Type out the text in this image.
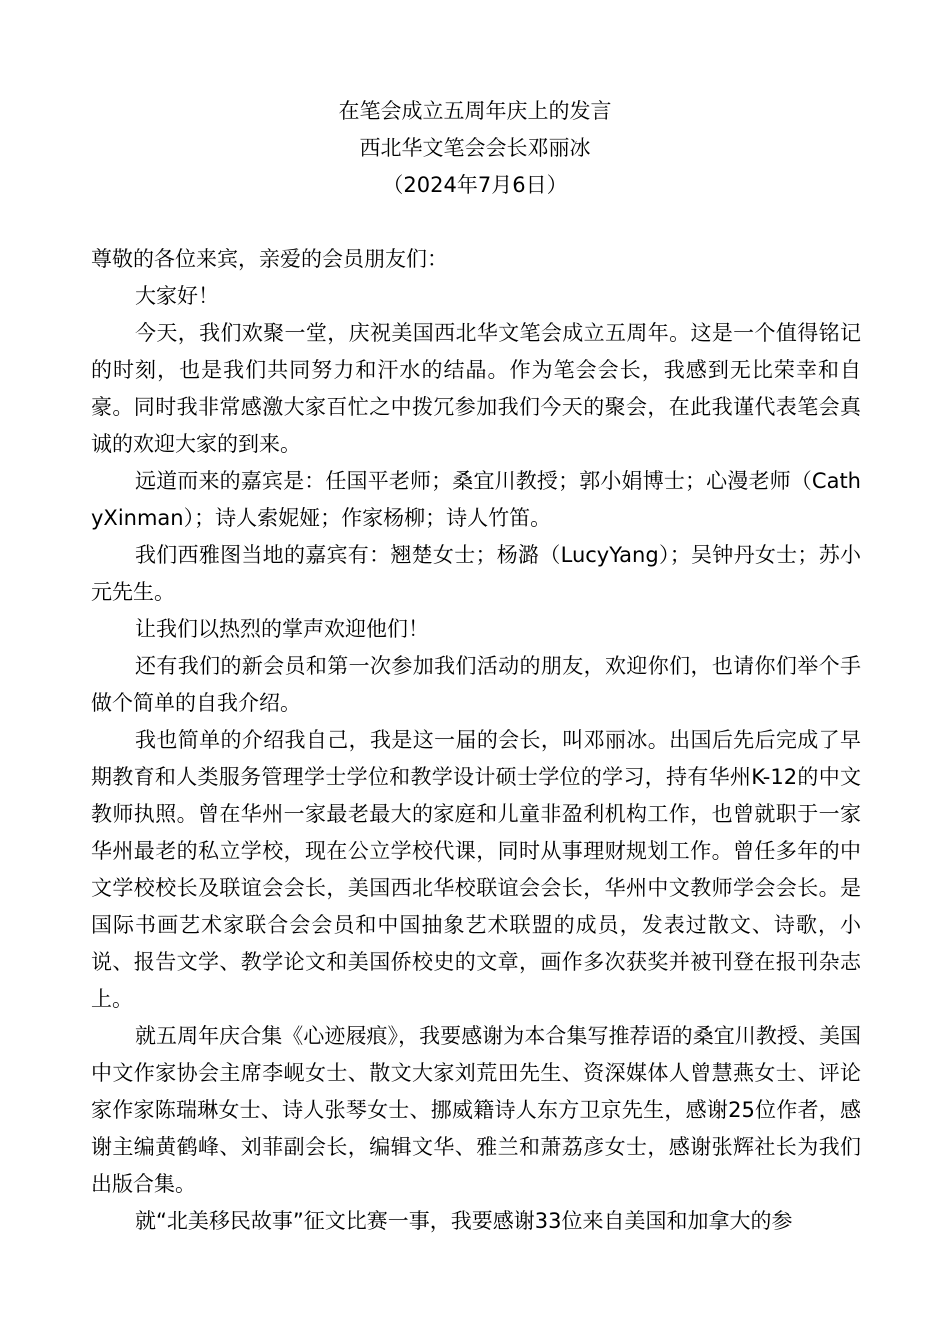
在笔会成立五周年庆上的发言
西北华文笔会会长邓丽冰
（2024年7月6日）

尊敬的各位来宾，亲爱的会员朋友们：

大家好！

今天，我们欢聚一堂，庆祝美国西北华文笔会成立五周年。这是一个值得铭记的时刻，也是我们共同努力和汗水的结晶。作为笔会会长，我感到无比荣幸和自豪。同时我非常感激大家百忙之中拨冗参加我们今天的聚会，在此我谨代表笔会真诚的欢迎大家的到来。

远道而来的嘉宾是：任国平老师；桑宜川教授；郭小娟博士；心漫老师（CathyXinman）；诗人索妮娅；作家杨柳；诗人竹笛。

我们西雅图当地的嘉宾有：翘楚女士；杨潞（LucyYang）；吴钟丹女士；苏小元先生。

让我们以热烈的掌声欢迎他们！

还有我们的新会员和第一次参加我们活动的朋友，欢迎你们，也请你们举个手做个简单的自我介绍。

我也简单的介绍我自己，我是这一届的会长，叫邓丽冰。出国后先后完成了早期教育和人类服务管理学士学位和教学设计硕士学位的学习，持有华州K-12的中文教师执照。曾在华州一家最老最大的家庭和儿童非盈利机构工作，也曾就职于一家华州最老的私立学校，现在公立学校代课，同时从事理财规划工作。曾任多年的中文学校校长及联谊会会长，美国西北华校联谊会会长，华州中文教师学会会长。是国际书画艺术家联合会会员和中国抽象艺术联盟的成员，发表过散文、诗歌，小说、报告文学、教学论文和美国侨校史的文章，画作多次获奖并被刊登在报刊杂志上。

就五周年庆合集《心迹屐痕》，我要感谢为本合集写推荐语的桑宜川教授、美国中文作家协会主席李岘女士、散文大家刘荒田先生、资深媒体人曾慧燕女士、评论家作家陈瑞琳女士、诗人张琴女士、挪威籍诗人东方卫京先生，感谢25位作者，感谢主编黄鹤峰、刘菲副会长，编辑文华、雅兰和萧荔彦女士，感谢张辉社长为我们出版合集。

就“北美移民故事”征文比赛一事，我要感谢33位来自美国和加拿大的参
